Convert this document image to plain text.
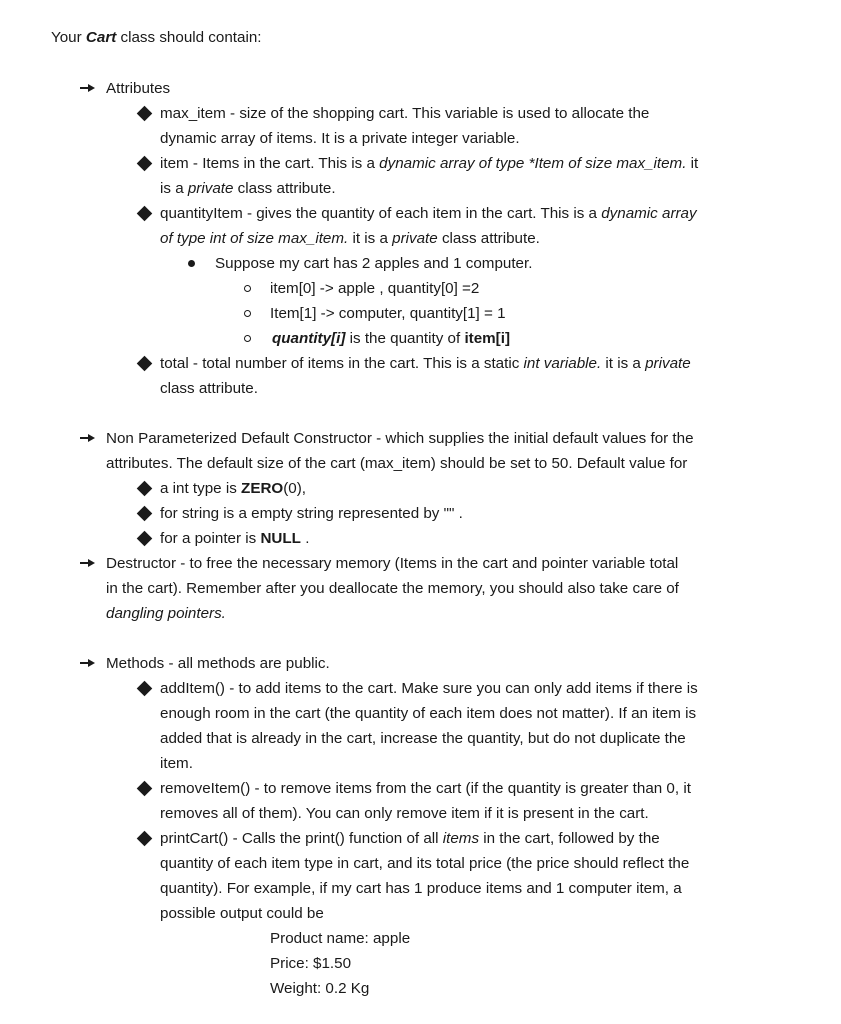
Your Cart class should contain:
Attributes
max_item - size of the shopping cart. This variable is used to allocate the
dynamic array of items. It is a private integer variable.
item - Items in the cart. This is a dynamic array of type *Item of size max_item. it
is a private class attribute.
quantityItem - gives the quantity of each item in the cart. This is a dynamic array
of type int of size max_item. it is a private class attribute.
Suppose my cart has 2 apples and 1 computer.
item[0] -> apple , quantity[0] =2
Item[1] -> computer, quantity[1] = 1
quantity[i] is the quantity of item[i]
total - total number of items in the cart. This is a static int variable. it is a private
class attribute.
Non Parameterized Default Constructor - which supplies the initial default values for the
attributes. The default size of the cart (max_item) should be set to 50. Default value for
a int type is ZERO(0),
for string is a empty string represented by "" .
for a pointer is NULL .
Destructor - to free the necessary memory (Items in the cart and pointer variable total
in the cart). Remember after you deallocate the memory, you should also take care of
dangling pointers.
Methods - all methods are public.
addItem() - to add items to the cart. Make sure you can only add items if there is
enough room in the cart (the quantity of each item does not matter). If an item is
added that is already in the cart, increase the quantity, but do not duplicate the
item.
removeItem() - to remove items from the cart (if the quantity is greater than 0, it
removes all of them). You can only remove item if it is present in the cart.
printCart() - Calls the print() function of all items in the cart, followed by the
quantity of each item type in cart, and its total price (the price should reflect the
quantity). For example, if my cart has 1 produce items and 1 computer item, a
possible output could be
Product name: apple
Price: $1.50
Weight: 0.2 Kg
